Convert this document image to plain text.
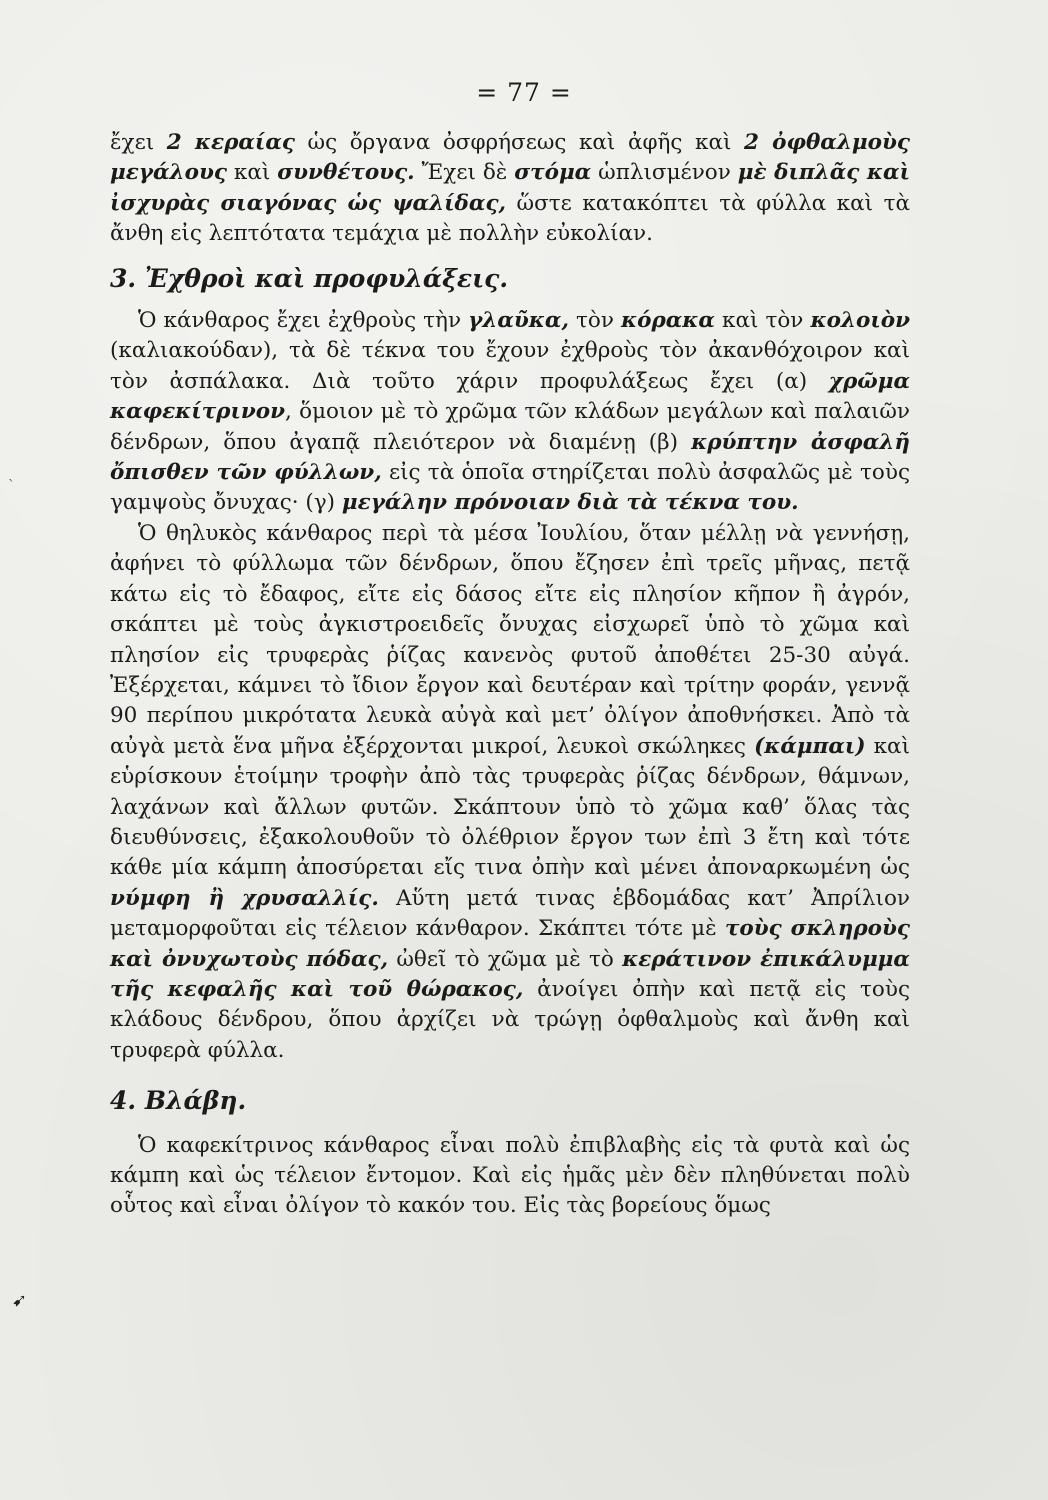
= 77 =

ἔχει 2 κεραίας ὡς ὄργανα ὀσφρήσεως καὶ ἀφῆς καὶ 2 ὀφθαλμοὺς μεγάλους καὶ συνθέτους. Ἔχει δὲ στόμα ὡπλισμένον μὲ διπλᾶς καὶ ἰσχυρὰς σιαγόνας ὡς ψαλίδας, ὥστε κατακόπτει τὰ φύλλα καὶ τὰ ἄνθη εἰς λεπτότατα τεμάχια μὲ πολλὴν εὐκολίαν.

3. Ἐχθροὶ καὶ προφυλάξεις.

Ὁ κάνθαρος ἔχει ἐχθροὺς τὴν γλαῦκα, τὸν κόρακα καὶ τὸν κολοιὸν (καλιακούδαν), τὰ δὲ τέκνα του ἔχουν ἐχθροὺς τὸν ἀκανθόχοιρον καὶ τὸν ἀσπάλακα. Διὰ τοῦτο χάριν προφυλάξεως ἔχει (α) χρῶμα καφεκίτρινον, ὅμοιον μὲ τὸ χρῶμα τῶν κλάδων μεγάλων καὶ παλαιῶν δένδρων, ὅπου ἀγαπᾷ πλειότερον νὰ διαμένῃ (β) κρύπτην ἀσφαλῆ ὄπισθεν τῶν φύλλων, εἰς τὰ ὁποῖα στηρίζεται πολὺ ἀσφαλῶς μὲ τοὺς γαμψοὺς ὄνυχας· (γ) μεγάλην πρόνοιαν διὰ τὰ τέκνα του.

Ὁ θηλυκὸς κάνθαρος περὶ τὰ μέσα Ἰουλίου, ὅταν μέλλῃ νὰ γεννήσῃ, ἀφήνει τὸ φύλλωμα τῶν δένδρων, ὅπου ἔζησεν ἐπὶ τρεῖς μῆνας, πετᾷ κάτω εἰς τὸ ἔδαφος, εἴτε εἰς δάσος εἴτε εἰς πλησίον κῆπον ἢ ἀγρόν, σκάπτει μὲ τοὺς ἀγκιστροειδεῖς ὄνυχας εἰσχωρεῖ ὑπὸ τὸ χῶμα καὶ πλησίον εἰς τρυφερὰς ῥίζας κανενὸς φυτοῦ ἀποθέτει 25-30 αὐγά. Ἐξέρχεται, κάμνει τὸ ἴδιον ἔργον καὶ δευτέραν καὶ τρίτην φοράν, γεννᾷ 90 περίπου μικρότατα λευκὰ αὐγὰ καὶ μετ’ ὀλίγον ἀποθνήσκει. Ἀπὸ τὰ αὐγὰ μετὰ ἕνα μῆνα ἐξέρχονται μικροί, λευκοὶ σκώληκες (κάμπαι) καὶ εὑρίσκουν ἑτοίμην τροφὴν ἀπὸ τὰς τρυφερὰς ῥίζας δένδρων, θάμνων, λαχάνων καὶ ἄλλων φυτῶν. Σκάπτουν ὑπὸ τὸ χῶμα καθ’ ὅλας τὰς διευθύνσεις, ἐξακολουθοῦν τὸ ὀλέθριον ἔργον των ἐπὶ 3 ἔτη καὶ τότε κάθε μία κάμπη ἀποσύρεται εἴς τινα ὀπὴν καὶ μένει ἀποναρκωμένη ὡς νύμφη ἢ χρυσαλλίς. Αὕτη μετά τινας ἑβδομάδας κατ’ Ἀπρίλιον μεταμορφοῦται εἰς τέλειον κάνθαρον. Σκάπτει τότε μὲ τοὺς σκληροὺς καὶ ὀνυχωτοὺς πόδας, ὠθεῖ τὸ χῶμα μὲ τὸ κεράτινον ἐπικάλυμμα τῆς κεφαλῆς καὶ τοῦ θώρακος, ἀνοίγει ὀπὴν καὶ πετᾷ εἰς τοὺς κλάδους δένδρου, ὅπου ἀρχίζει νὰ τρώγῃ ὀφθαλμοὺς καὶ ἄνθη καὶ τρυφερὰ φύλλα.

4. Βλάβη.

Ὁ καφεκίτρινος κάνθαρος εἶναι πολὺ ἐπιβλαβὴς εἰς τὰ φυτὰ καὶ ὡς κάμπη καὶ ὡς τέλειον ἔντομον. Καὶ εἰς ἡμᾶς μὲν δὲν πληθύνεται πολὺ οὗτος καὶ εἶναι ὀλίγον τὸ κακόν του. Εἰς τὰς βορείους ὅμως

`
➹
